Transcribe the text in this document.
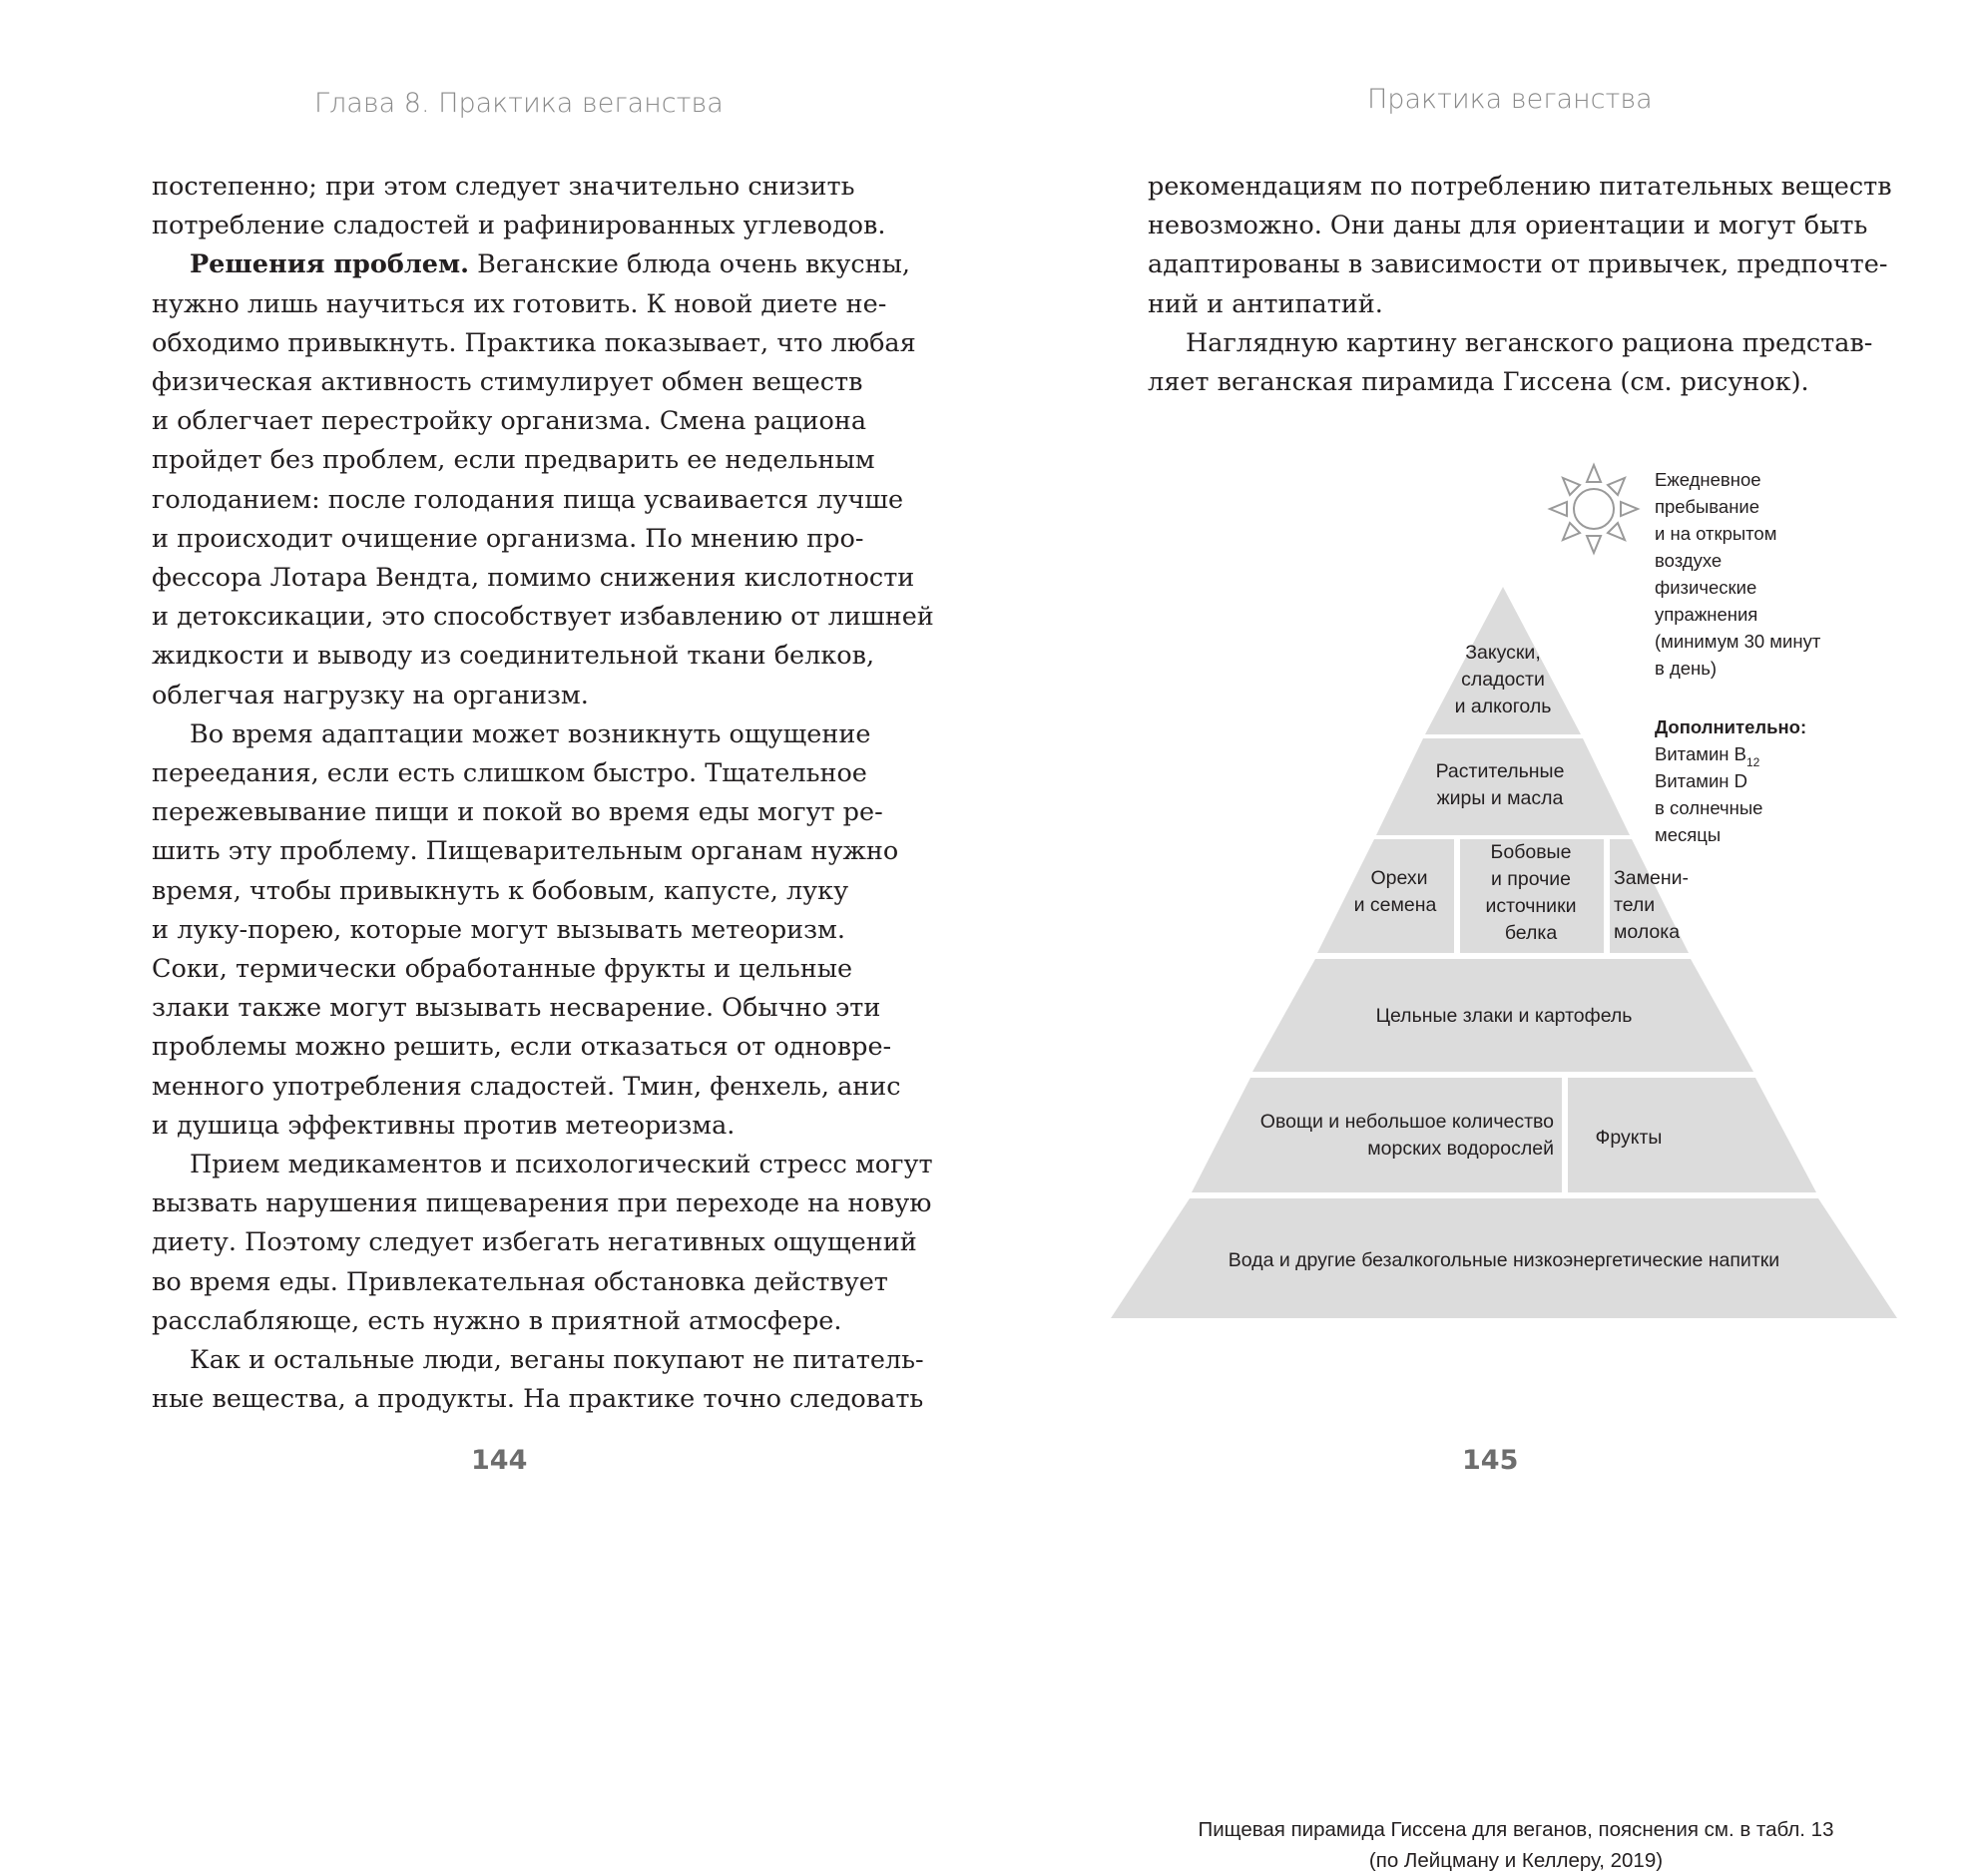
Глава 8. Практика веганства
постепенно; при этом следует значительно снизить
потребление сладостей и рафинированных углеводов.
Решения проблем. Веганские блюда очень вкусны,
нужно лишь научиться их готовить. К новой диете не-
обходимо привыкнуть. Практика показывает, что любая
физическая активность стимулирует обмен веществ
и облегчает перестройку организма. Смена рациона
пройдет без проблем, если предварить ее недельным
голоданием: после голодания пища усваивается лучше
и происходит очищение организма. По мнению про-
фессора Лотара Вендта, помимо снижения кислотности
и детоксикации, это способствует избавлению от лишней
жидкости и выводу из соединительной ткани белков,
облегчая нагрузку на организм.
Во время адаптации может возникнуть ощущение
переедания, если есть слишком быстро. Тщательное
пережевывание пищи и покой во время еды могут ре-
шить эту проблему. Пищеварительным органам нужно
время, чтобы привыкнуть к бобовым, капусте, луку
и луку-порею, которые могут вызывать метеоризм.
Соки, термически обработанные фрукты и цельные
злаки также могут вызывать несварение. Обычно эти
проблемы можно решить, если отказаться от одновре-
менного употребления сладостей. Тмин, фенхель, анис
и душица эффективны против метеоризма.
Прием медикаментов и психологический стресс могут
вызвать нарушения пищеварения при переходе на новую
диету. Поэтому следует избегать негативных ощущений
во время еды. Привлекательная обстановка действует
расслабляюще, есть нужно в приятной атмосфере.
Как и остальные люди, веганы покупают не питатель-
ные вещества, а продукты. На практике точно следовать
144
Практика веганства
рекомендациям по потреблению питательных веществ
невозможно. Они даны для ориентации и могут быть
адаптированы в зависимости от привычек, предпочте-
ний и антипатий.
Наглядную картину веганского рациона представ-
ляет веганская пирамида Гиссена (см. рисунок).
Закуски,
сладости
и алкоголь
Растительные
жиры и масла
Орехи
и семена
Бобовые
и прочие
источники
белка
Цельные злаки и картофель
Фрукты
Вода и другие безалкогольные низкоэнергетические напитки
Замени-
тели
молока
Овощи и небольшое количество
морских водорослей
Ежедневное
пребывание
и на открытом
воздухе
физические
упражнения
(минимум 30 минут
в день)
Дополнительно:
Витамин $B_{12}$
Витамин D
в солнечные
месяцы
Пищевая пирамида Гиссена для веганов, пояснения см. в табл. 13
(по Лейцману и Келлеру, 2019)
145
